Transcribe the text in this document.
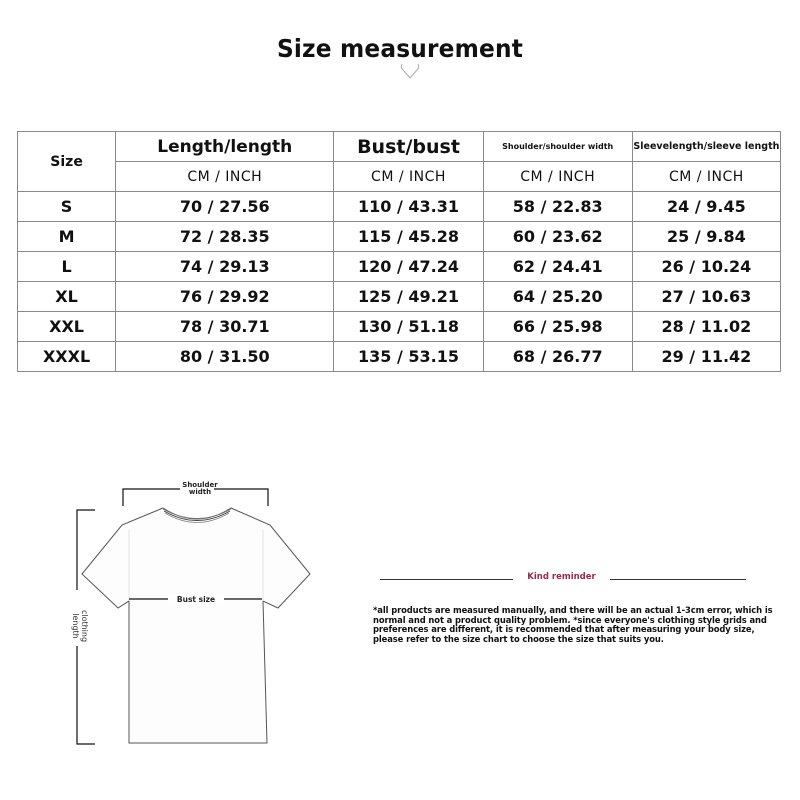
Size measurement
Size	Length/length	Bust/bust	Shoulder/shoulder width	Sleevelength/sleeve length
	CM / INCH	CM / INCH	CM / INCH	CM / INCH
S	70 / 27.56	110 / 43.31	58 / 22.83	24 / 9.45
M	72 / 28.35	115 / 45.28	60 / 23.62	25 / 9.84
L	74 / 29.13	120 / 47.24	62 / 24.41	26 / 10.24
XL	76 / 29.92	125 / 49.21	64 / 25.20	27 / 10.63
XXL	78 / 30.71	130 / 51.18	66 / 25.98	28 / 11.02
XXXL	80 / 31.50	135 / 53.15	68 / 26.77	29 / 11.42
Shoulder
width
Bust size
clothing
length
Kind reminder
*all products are measured manually, and there will be an actual 1-3cm error, which is normal and not a product quality problem. *since everyone's clothing style grids and preferences are different, it is recommended that after measuring your body size, please refer to the size chart to choose the size that suits you.
